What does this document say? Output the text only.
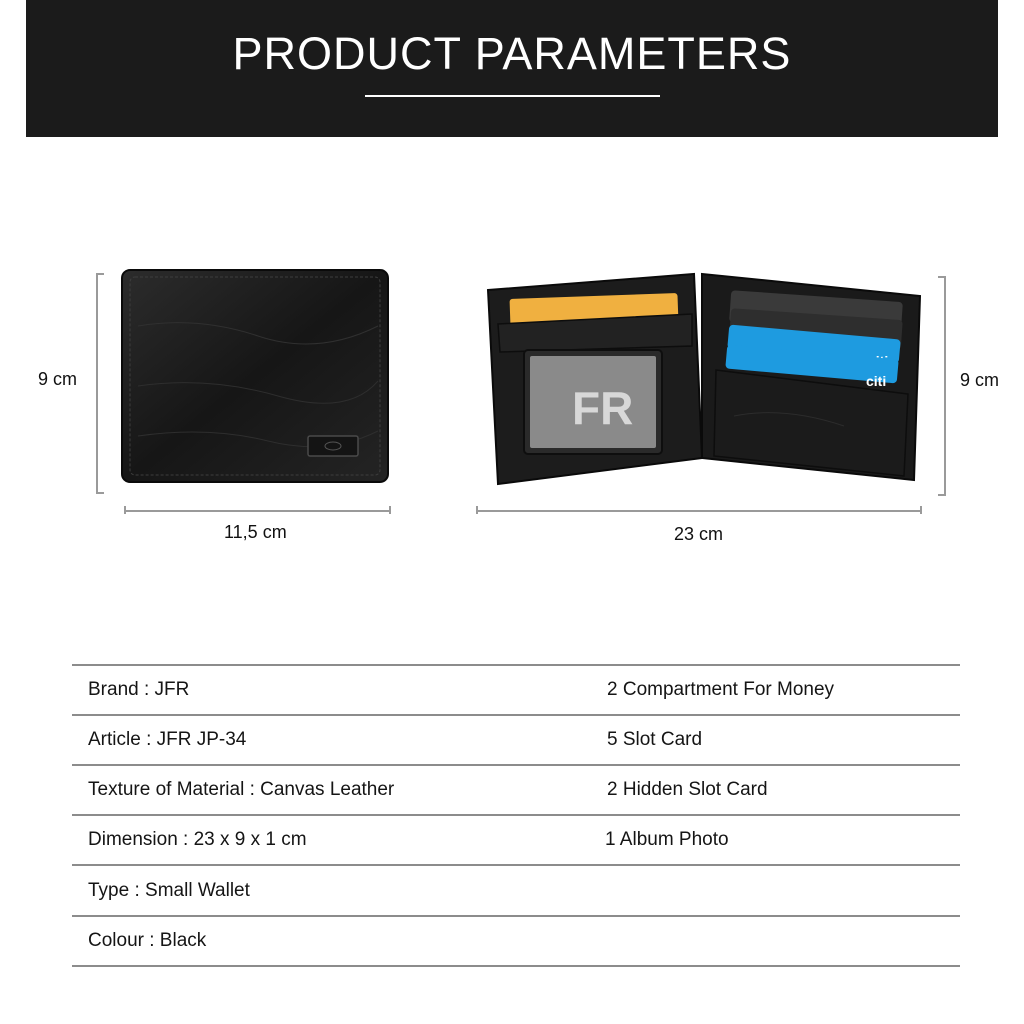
PRODUCT PARAMETERS
9 cm
11,5 cm
FR
citi	9 cm
23 cm
Brand : JFR	2 Compartment For Money
Article : JFR JP-34	5 Slot Card
Texture of Material : Canvas Leather	2 Hidden Slot Card
Dimension : 23 x 9 x 1 cm	1 Album Photo
Type : Small Wallet
Colour : Black
